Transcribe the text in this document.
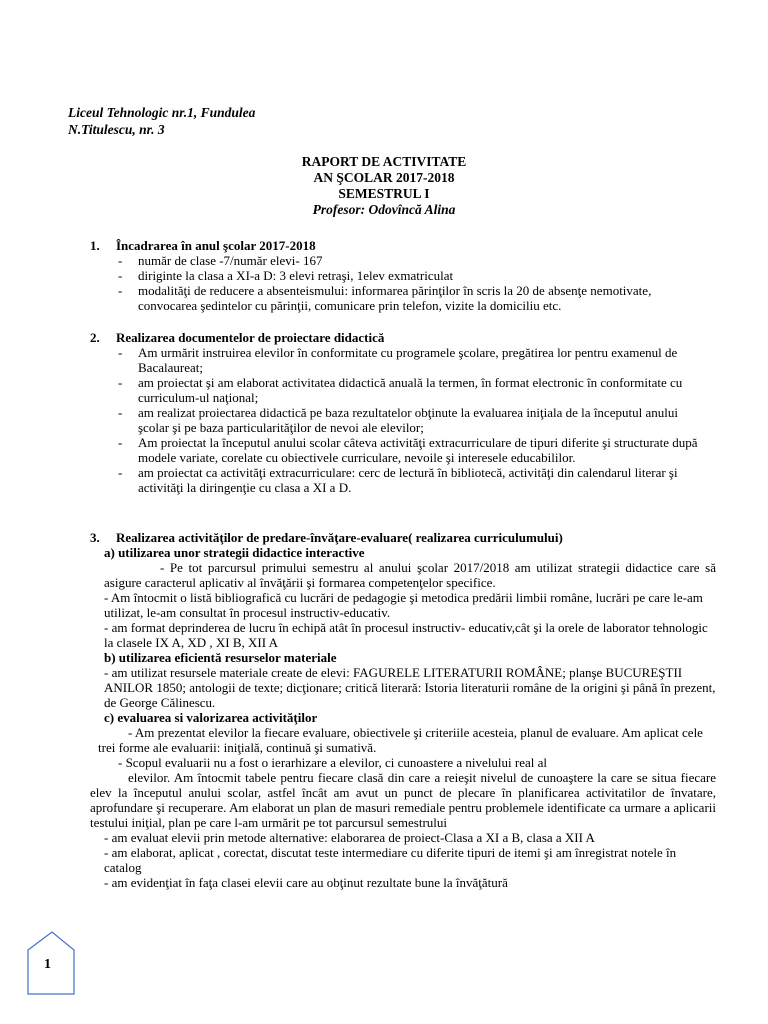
Liceul Tehnologic nr.1, Fundulea
N.Titulescu, nr. 3
RAPORT DE ACTIVITATE
AN ŞCOLAR 2017-2018
SEMESTRUL I
Profesor: Odovîncă Alina
1.	Încadrarea în anul şcolar 2017-2018
- număr de clase -7/număr elevi- 167
- diriginte la clasa a XI-a D: 3 elevi retraşi, 1elev exmatriculat
- modalităţi de reducere a absenteismului: informarea părinţilor în scris la 20 de absenţe nemotivate, convocarea şedintelor cu părinţii, comunicare prin telefon, vizite la domiciliu etc.
2.	Realizarea documentelor de proiectare didactică
- Am urmărit instruirea elevilor în conformitate cu programele şcolare, pregătirea lor pentru examenul de Bacalaureat;
- am proiectat şi am elaborat activitatea didactică anuală la termen, în format electronic în conformitate cu curriculum-ul naţional;
- am realizat proiectarea didactică pe baza rezultatelor obţinute la evaluarea iniţiala de la începutul anului şcolar şi pe baza particularităţilor de nevoi ale elevilor;
- Am proiectat la începutul anului scolar câteva activităţi extracurriculare de tipuri diferite şi structurate după modele variate, corelate cu obiectivele curriculare, nevoile şi interesele educabililor.
- am proiectat ca activităţi extracurriculare: cerc de lectură în bibliotecă, activităţi din calendarul literar şi activităţi la diringenţie cu clasa a XI a D.
3.	Realizarea activităţilor de predare-învăţare-evaluare( realizarea curriculumului)
a) utilizarea unor strategii didactice interactive
- Pe tot parcursul primului semestru al anului şcolar 2017/2018 am utilizat strategii didactice care să asigure caracterul aplicativ al învăţării şi formarea competenţelor specifice.
- Am întocmit o listă bibliografică cu lucrări de pedagogie şi metodica predării limbii române, lucrări pe care le-am utilizat, le-am consultat în procesul instructiv-educativ.
- am format deprinderea de lucru în echipă atât în procesul instructiv- educativ,cât şi la orele de laborator tehnologic la clasele IX A, XD , XI B, XII A
b) utilizarea eficientă resurselor materiale
- am utilizat resursele materiale create de elevi: FAGURELE LITERATURII ROMÂNE; planşe BUCUREŞTII ANILOR 1850; antologii de texte; dicţionare; critică literară: Istoria literaturii române de la origini şi până în prezent, de George Călinescu.
c) evaluarea si valorizarea activităţilor
- Am prezentat elevilor la fiecare evaluare, obiectivele şi criteriile acesteia, planul de evaluare. Am aplicat cele trei forme ale evaluarii: iniţială, continuă şi sumativă.
- Scopul evaluarii nu a fost o ierarhizare a elevilor, ci cunoastere a nivelului real al
elevilor. Am întocmit tabele pentru fiecare clasă din care a reieşit nivelul de cunoaştere la care se situa fiecare elev la începutul anului scolar, astfel încât am avut un punct de plecare în planificarea activitatilor de învatare, aprofundare şi recuperare. Am elaborat un plan de masuri remediale pentru problemele identificate ca urmare a aplicarii testului iniţial, plan pe care l-am urmărit pe tot parcursul semestrului
- am evaluat elevii prin metode alternative: elaborarea de proiect-Clasa a XI a B, clasa a XII A
- am elaborat, aplicat , corectat, discutat teste intermediare cu diferite tipuri de itemi şi am înregistrat notele în catalog
- am evidenţiat în faţa clasei elevii care au obţinut rezultate bune la învăţătură
1
